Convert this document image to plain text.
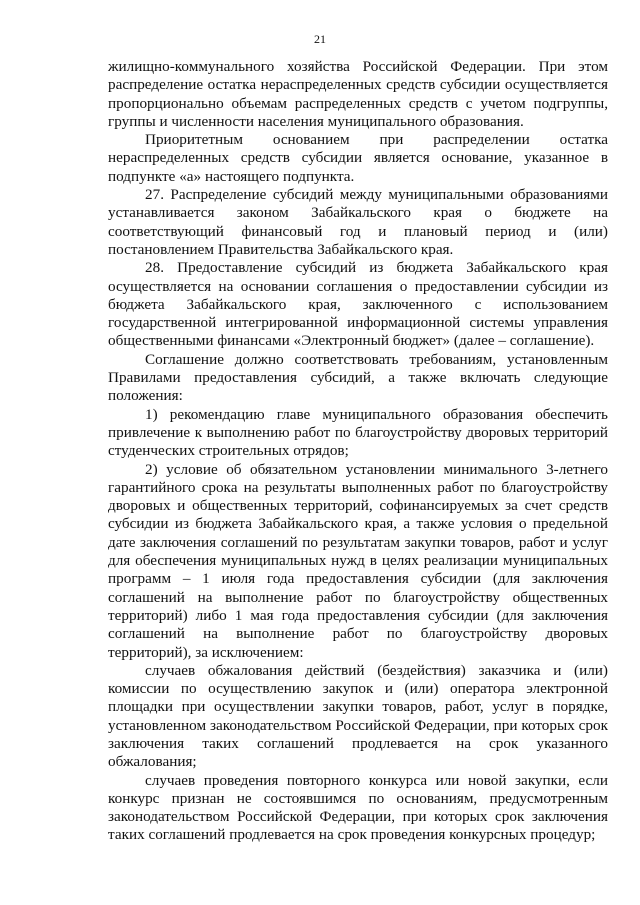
21

жилищно-коммунального хозяйства Российской Федерации. При этом распределение остатка нераспределенных средств субсидии осуществляется пропорционально объемам распределенных средств с учетом подгруппы, группы и численности населения муниципального образования.

Приоритетным основанием при распределении остатка нераспределенных средств субсидии является основание, указанное в подпункте «а» настоящего подпункта.

27. Распределение субсидий между муниципальными образованиями устанавливается законом Забайкальского края о бюджете на соответствующий финансовый год и плановый период и (или) постановлением Правительства Забайкальского края.

28. Предоставление субсидий из бюджета Забайкальского края осуществляется на основании соглашения о предоставлении субсидии из бюджета Забайкальского края, заключенного с использованием государственной интегрированной информационной системы управления общественными финансами «Электронный бюджет» (далее – соглашение).

Соглашение должно соответствовать требованиям, установленным Правилами предоставления субсидий, а также включать следующие положения:

1) рекомендацию главе муниципального образования обеспечить привлечение к выполнению работ по благоустройству дворовых территорий студенческих строительных отрядов;

2) условие об обязательном установлении минимального 3-летнего гарантийного срока на результаты выполненных работ по благоустройству дворовых и общественных территорий, софинансируемых за счет средств субсидии из бюджета Забайкальского края, а также условия о предельной дате заключения соглашений по результатам закупки товаров, работ и услуг для обеспечения муниципальных нужд в целях реализации муниципальных программ – 1 июля года предоставления субсидии (для заключения соглашений на выполнение работ по благоустройству общественных территорий) либо 1 мая года предоставления субсидии (для заключения соглашений на выполнение работ по благоустройству дворовых территорий), за исключением:

случаев обжалования действий (бездействия) заказчика и (или) комиссии по осуществлению закупок и (или) оператора электронной площадки при осуществлении закупки товаров, работ, услуг в порядке, установленном законодательством Российской Федерации, при которых срок заключения таких соглашений продлевается на срок указанного обжалования;

случаев проведения повторного конкурса или новой закупки, если конкурс признан не состоявшимся по основаниям, предусмотренным законодательством Российской Федерации, при которых срок заключения таких соглашений продлевается на срок проведения конкурсных процедур;
